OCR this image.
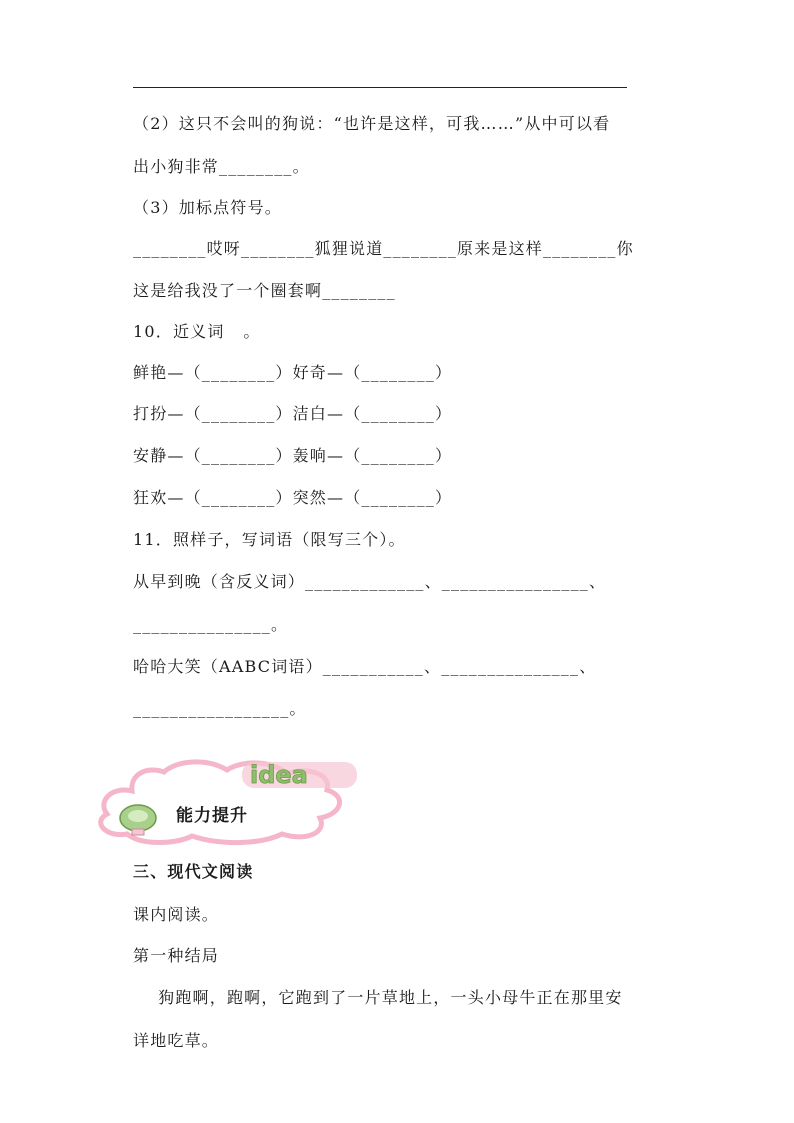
（2）这只不会叫的狗说：“也许是这样，可我……”从中可以看
出小狗非常________。
（3）加标点符号。
________哎呀________狐狸说道________原来是这样________你
这是给我没了一个圈套啊________
10．近义词   。
鲜艳—（________）好奇—（________）
打扮—（________）洁白—（________）
安静—（________）轰响—（________）
狂欢—（________）突然—（________）
11．照样子，写词语（限写三个）。
从早到晚（含反义词）_____________、________________、
_______________。
哈哈大笑（AABC词语）___________、_______________、
_________________。
idea
能力提升
三、现代文阅读
课内阅读。
第一种结局
狗跑啊，跑啊，它跑到了一片草地上，一头小母牛正在那里安
详地吃草。
